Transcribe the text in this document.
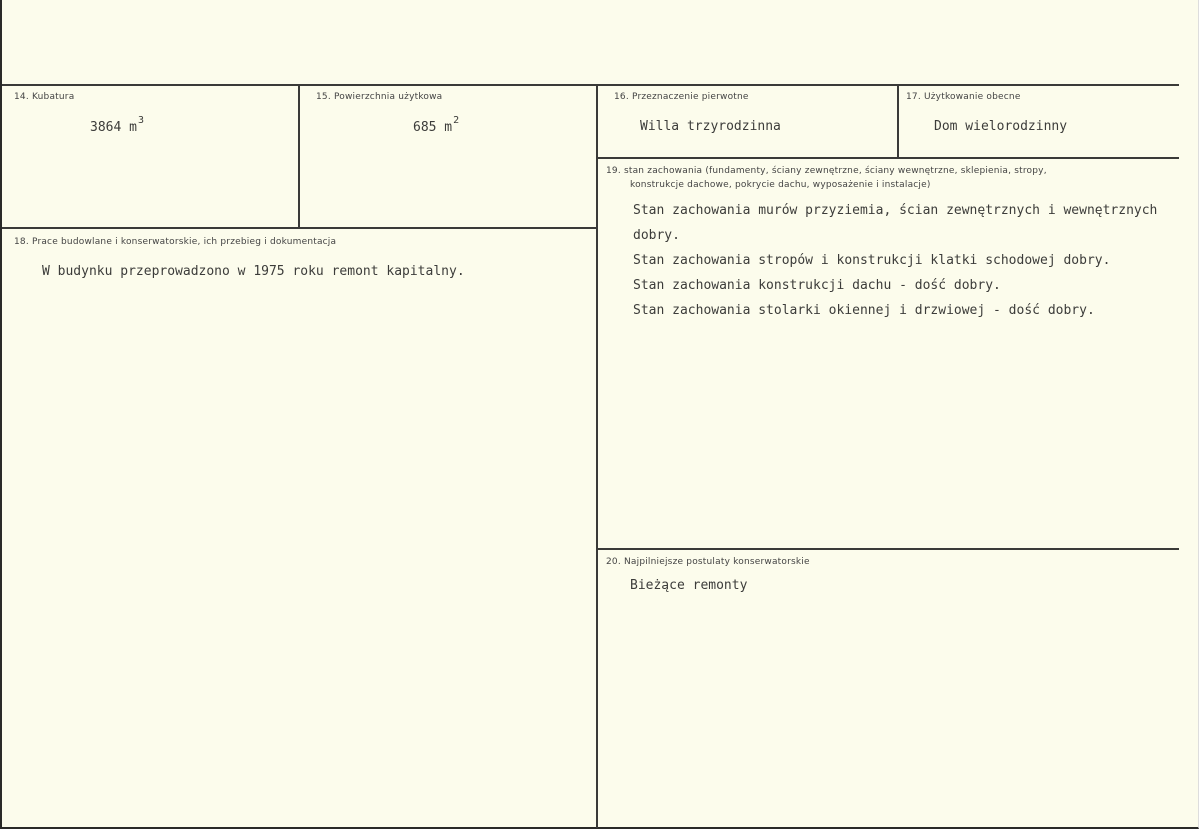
14. Kubatura
3864 $m^3$
15. Powierzchnia użytkowa
685 $m^2$
16. Przeznaczenie pierwotne
Willa trzyrodzinna
17. Użytkowanie obecne
Dom wielorodzinny
18. Prace budowlane i konserwatorskie, ich przebieg i dokumentacja
W budynku przeprowadzono w 1975 roku remont kapitalny.
19. stan zachowania (fundamenty, ściany zewnętrzne, ściany wewnętrzne, sklepienia, stropy,
konstrukcje dachowe, pokrycie dachu, wyposażenie i instalacje)
Stan zachowania murów przyziemia, ścian zewnętrznych i wewnętrznych
dobry.
Stan zachowania stropów i konstrukcji klatki schodowej dobry.
Stan zachowania konstrukcji dachu - dość dobry.
Stan zachowania stolarki okiennej i drzwiowej - dość dobry.
20. Najpilniejsze postulaty konserwatorskie
Bieżące remonty
